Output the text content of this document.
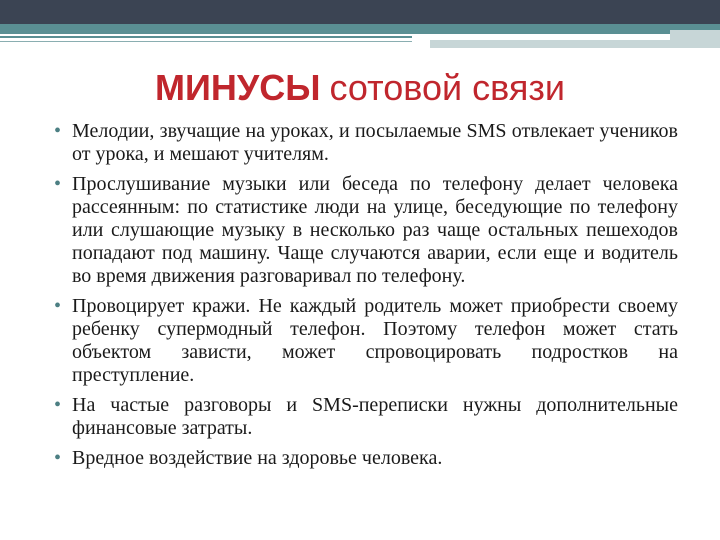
МИНУСЫ сотовой связи
• Мелодии, звучащие на уроках, и посылаемые SMS отвлекает учеников от урока, и мешают учителям.
• Прослушивание музыки или беседа по телефону делает человека рассеянным: по статистике люди на улице, беседующие по телефону или слушающие музыку в несколько раз чаще остальных пешеходов попадают под машину. Чаще случаются аварии, если еще и водитель во время движения разговаривал по телефону.
• Провоцирует кражи. Не каждый родитель может приобрести своему ребенку супермодный телефон. Поэтому телефон может стать объектом зависти, может спровоцировать подростков на преступление.
• На частые разговоры и SMS-переписки нужны дополнительные финансовые затраты.
• Вредное воздействие на здоровье человека.
